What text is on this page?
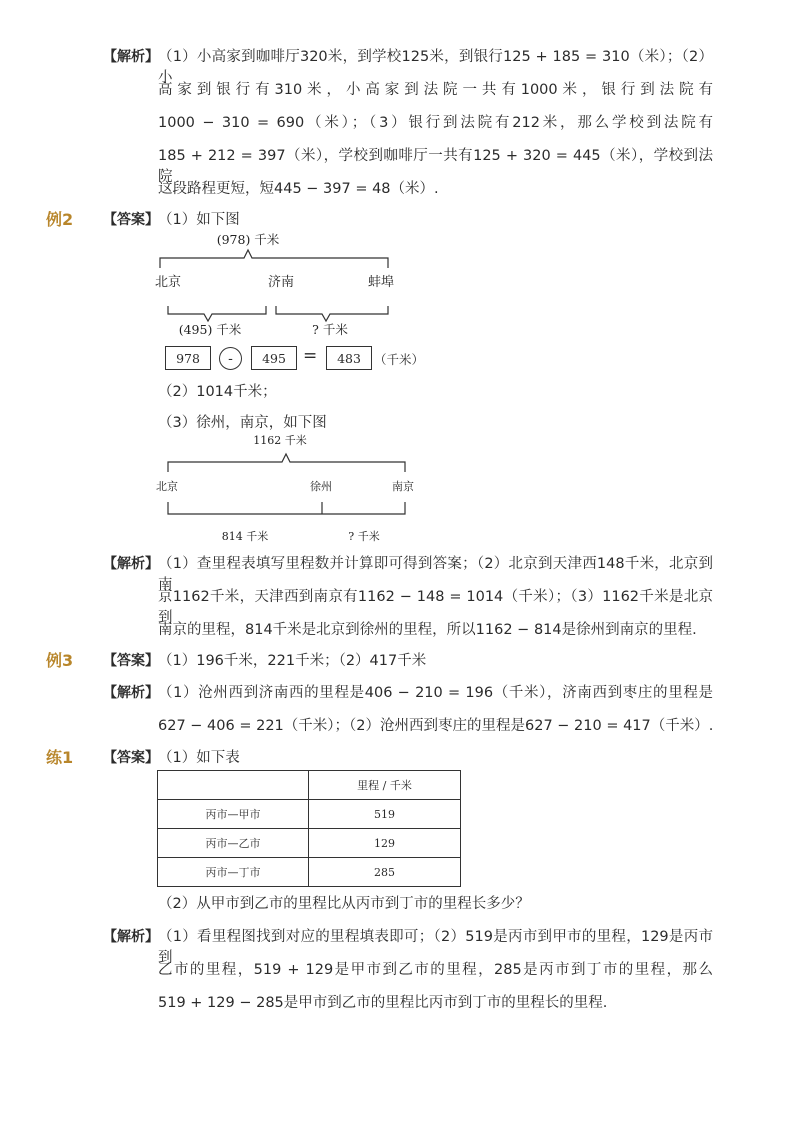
【解析】 （1）小高家到咖啡厅320米，到学校125米，到银行125 + 185 = 310（米）；（2）小
高家到银行有310米，小高家到法院一共有1000米，银行到法院有
1000 − 310 = 690（米）；（3）银行到法院有212米，那么学校到法院有
185 + 212 = 397（米），学校到咖啡厅一共有125 + 320 = 445（米），学校到法院
这段路程更短，短445 − 397 = 48（米）.
例2 【答案】 （1）如下图
(978) 千米
北京	济南	蚌埠
(495) 千米	? 千米
978	-	495	=	483	（千米）
（2）1014千米；
（3）徐州，南京，如下图
1162 千米
北京	徐州	南京
814 千米	? 千米
【解析】 （1）查里程表填写里程数并计算即可得到答案；（2）北京到天津西148千米，北京到南
京1162千米，天津西到南京有1162 − 148 = 1014（千米）；（3）1162千米是北京到
南京的里程，814千米是北京到徐州的里程，所以1162 − 814是徐州到南京的里程.
例3 【答案】 （1）196千米，221千米；（2）417千米
【解析】 （1）沧州西到济南西的里程是406 − 210 = 196（千米），济南西到枣庄的里程是
627 − 406 = 221（千米）；（2）沧州西到枣庄的里程是627 − 210 = 417（千米）.
练1 【答案】 （1）如下表
	里程 / 千米
丙市—甲市	519
丙市—乙市	129
丙市—丁市	285
（2）从甲市到乙市的里程比从丙市到丁市的里程长多少？
【解析】 （1）看里程图找到对应的里程填表即可；（2）519是丙市到甲市的里程，129是丙市到
乙市的里程，519 + 129是甲市到乙市的里程，285是丙市到丁市的里程，那么
519 + 129 − 285是甲市到乙市的里程比丙市到丁市的里程长的里程.
